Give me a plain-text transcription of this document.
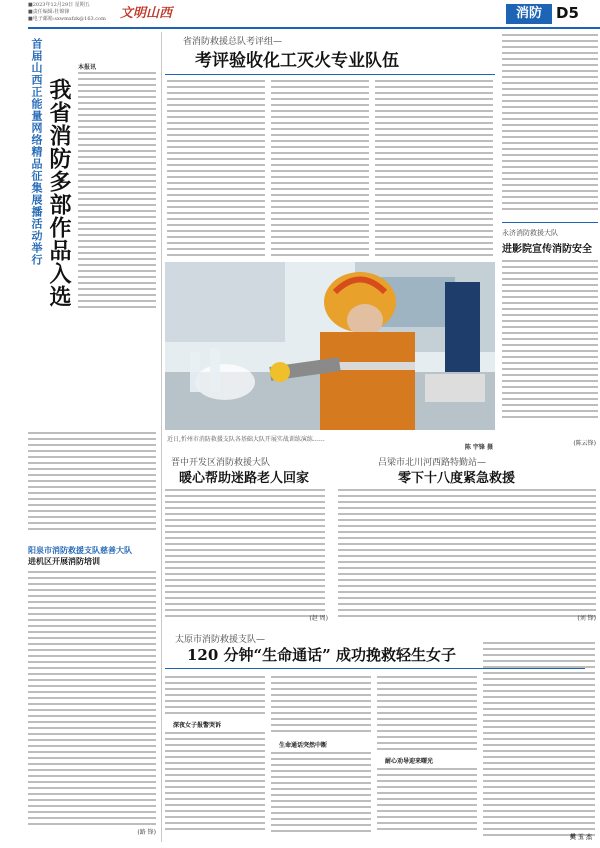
■2023年12月29日 星期五
■责任编辑:杜锦锋
■电子邮箱:sxwmxfzk@163.com 文明山西	消防 D5
首届山西正能量网络精品征集展播活动举行 我省消防多部作品入选
本报讯
阳泉市消防救援支队慈善大队
进机区开展消防培训
(路 锋)
省消防救援总队考评组—
考评验收化工灭火专业队伍
近日,忻州市消防救援支队各基础大队开展实战训练演练……
陈 宇锋 摄
永济消防救援大队
进影院宣传消防安全
(陈云锋)
晋中开发区消防救援大队
暖心帮助迷路老人回家
(赵 周)
吕梁市北川河西路特勤站—
零下十八度紧急救援
(刘 锋)
太原市消防救援支队—
120 分钟“生命通话” 成功挽救轻生女子
深夜女子报警哭诉
生命通话突然中断
耐心劝导迎来曙光
樊 玉 杰
